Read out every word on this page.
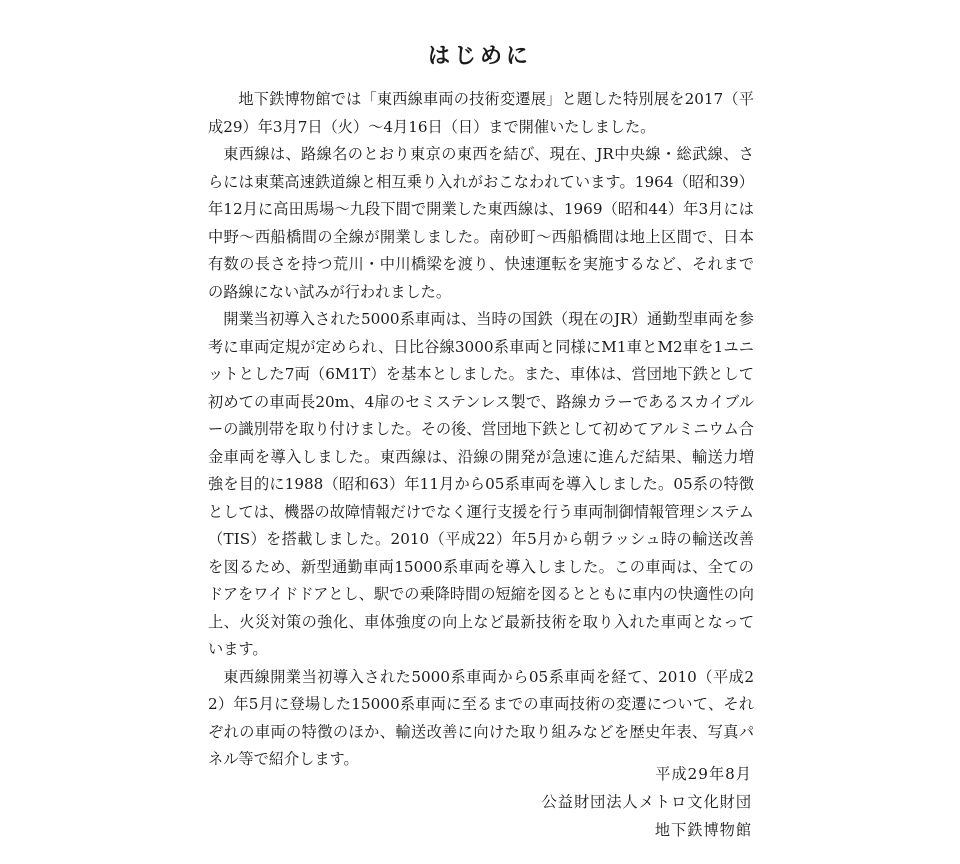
はじめに

地下鉄博物館では「東西線車両の技術変遷展」と題した特別展を2017（平成29）年3月7日（火）～4月16日（日）まで開催いたしました。

東西線は、路線名のとおり東京の東西を結び、現在、JR中央線・総武線、さらには東葉高速鉄道線と相互乗り入れがおこなわれています。1964（昭和39）年12月に高田馬場～九段下間で開業した東西線は、1969（昭和44）年3月には中野～西船橋間の全線が開業しました。南砂町～西船橋間は地上区間で、日本有数の長さを持つ荒川・中川橋梁を渡り、快速運転を実施するなど、それまでの路線にない試みが行われました。

開業当初導入された5000系車両は、当時の国鉄（現在のJR）通勤型車両を参考に車両定規が定められ、日比谷線3000系車両と同様にM1車とM2車を1ユニットとした7両（6M1T）を基本としました。また、車体は、営団地下鉄として初めての車両長20m、4扉のセミステンレス製で、路線カラーであるスカイブルーの識別帯を取り付けました。その後、営団地下鉄として初めてアルミニウム合金車両を導入しました。東西線は、沿線の開発が急速に進んだ結果、輸送力増強を目的に1988（昭和63）年11月から05系車両を導入しました。05系の特徴としては、機器の故障情報だけでなく運行支援を行う車両制御情報管理システム（TIS）を搭載しました。2010（平成22）年5月から朝ラッシュ時の輸送改善を図るため、新型通勤車両15000系車両を導入しました。この車両は、全てのドアをワイドドアとし、駅での乗降時間の短縮を図るとともに車内の快適性の向上、火災対策の強化、車体強度の向上など最新技術を取り入れた車両となっています。

東西線開業当初導入された5000系車両から05系車両を経て、2010（平成22）年5月に登場した15000系車両に至るまでの車両技術の変遷について、それぞれの車両の特徴のほか、輸送改善に向けた取り組みなどを歴史年表、写真パネル等で紹介します。

平成29年8月
公益財団法人メトロ文化財団
地下鉄博物館
